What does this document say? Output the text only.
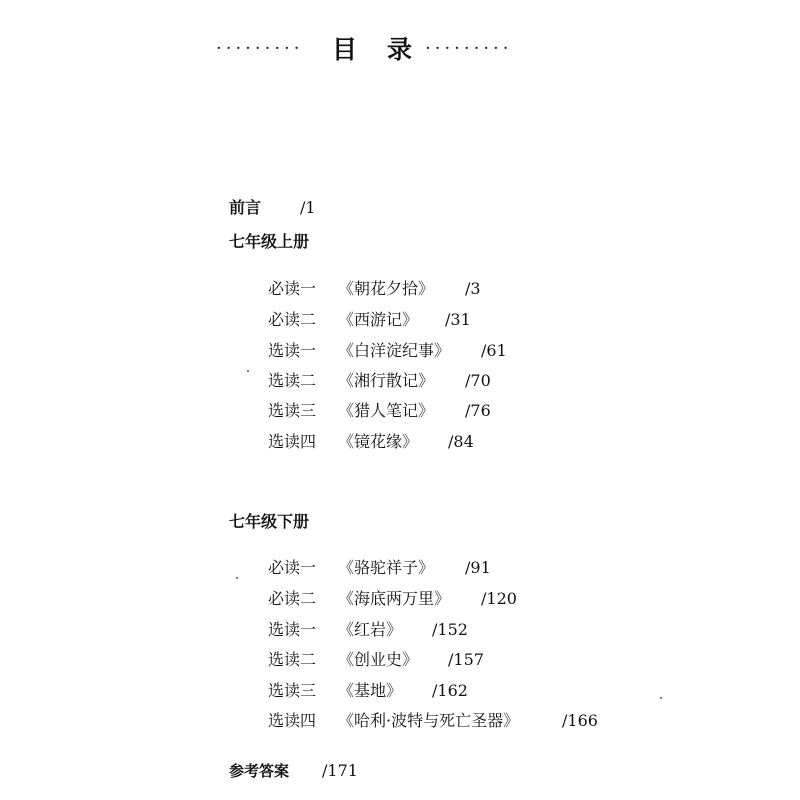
········· 目 录 ·········
前言 /1
七年级上册
必读一 《朝花夕拾》 /3
必读二 《西游记》 /31
选读一 《白洋淀纪事》 /61
选读二 《湘行散记》 /70
选读三 《猎人笔记》 /76
选读四 《镜花缘》 /84
七年级下册
必读一 《骆驼祥子》 /91
必读二 《海底两万里》 /120
选读一 《红岩》 /152
选读二 《创业史》 /157
选读三 《基地》 /162
选读四 《哈利·波特与死亡圣器》	/166
参考答案 /171
